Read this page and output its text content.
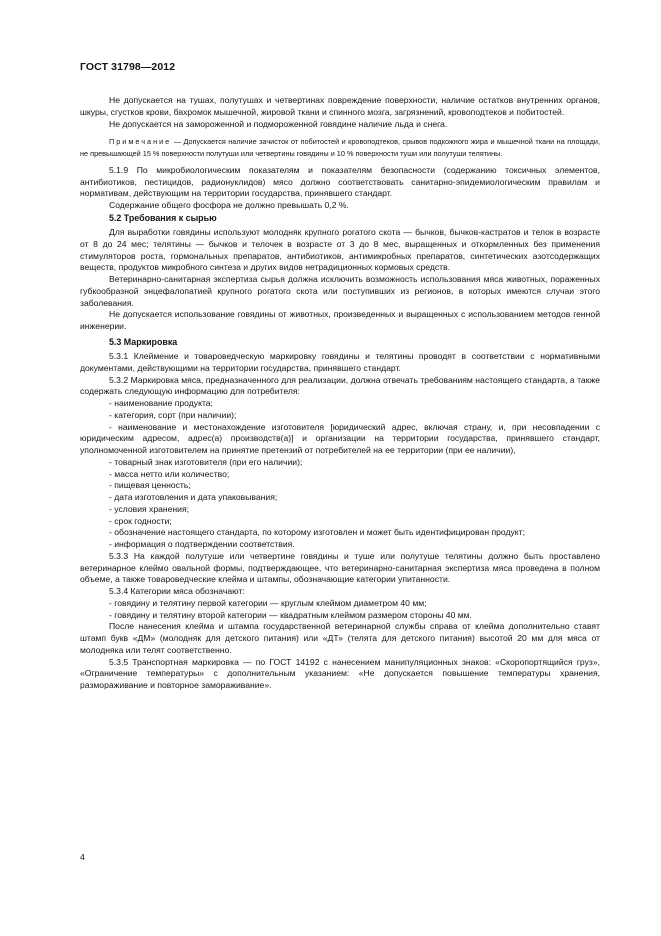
ГОСТ 31798—2012

Не допускается на тушах, полутушах и четвертинах повреждение поверхности, наличие остатков внутренних органов, шкуры, сгустков крови, бахромок мышечной, жировой ткани и спинного мозга, загрязнений, кровоподтеков и побитостей.

Не допускается на замороженной и подмороженной говядине наличие льда и снега.

Примечание — Допускается наличие зачисток от побитостей и кровоподтеков, срывов подкожного жира и мышечной ткани на площади, не превышающей 15 % поверхности полутуши или четвертины говядины и 10 % поверхности туши или полутуши телятины.

5.1.9 По микробиологическим показателям и показателям безопасности (содержанию токсичных элементов, антибиотиков, пестицидов, радионуклидов) мясо должно соответствовать санитарно-эпидемиологическим правилам и нормативам, действующим на территории государства, принявшего стандарт.

Содержание общего фосфора не должно превышать 0,2 %.

5.2 Требования к сырью

Для выработки говядины используют молодняк крупного рогатого скота — бычков, бычков-кастратов и телок в возрасте от 8 до 24 мес; телятины — бычков и телочек в возрасте от 3 до 8 мес, выращенных и откормленных без применения стимуляторов роста, гормональных препаратов, антибиотиков, антимикробных препаратов, синтетических азотсодержащих веществ, продуктов микробного синтеза и других видов нетрадиционных кормовых средств.

Ветеринарно-санитарная экспертиза сырья должна исключить возможность использования мяса животных, пораженных губкообразной энцефалопатией крупного рогатого скота или поступивших из регионов, в которых имеются случаи этого заболевания.

Не допускается использование говядины от животных, произведенных и выращенных с использованием методов генной инженерии.

5.3 Маркировка

5.3.1 Клеймение и товароведческую маркировку говядины и телятины проводят в соответствии с нормативными документами, действующими на территории государства, принявшего стандарт.

5.3.2 Маркировка мяса, предназначенного для реализации, должна отвечать требованиям настоящего стандарта, а также содержать следующую информацию для потребителя:

- наименование продукта;

- категория, сорт (при наличии);

- наименование и местонахождение изготовителя [юридический адрес, включая страну, и, при несовпадении с юридическим адресом, адрес(а) производств(а)] и организации на территории государства, принявшего стандарт, уполномоченной изготовителем на принятие претензий от потребителей на ее территории (при ее наличии),

- товарный знак изготовителя (при его наличии);

- масса нетто или количество;

- пищевая ценность;

- дата изготовления и дата упаковывания;

- условия хранения;

- срок годности;

- обозначение настоящего стандарта, по которому изготовлен и может быть идентифицирован продукт;

- информация о подтверждении соответствия.

5.3.3 На каждой полутуше или четвертине говядины и туше или полутуше телятины должно быть проставлено ветеринарное клеймо овальной формы, подтверждающее, что ветеринарно-санитарная экспертиза мяса проведена в полном объеме, а также товароведческие клейма и штампы, обозначающие категории упитанности.

5.3.4 Категории мяса обозначают:

- говядину и телятину первой категории — круглым клеймом диаметром 40 мм;

- говядину и телятину второй категории — квадратным клеймом размером стороны 40 мм.

После нанесения клейма и штампа государственной ветеринарной службы справа от клейма дополнительно ставят штамп букв «ДМ» (молодняк для детского питания) или «ДТ» (телята для детского питания) высотой 20 мм для мяса от молодняка или телят соответственно.

5.3.5 Транспортная маркировка — по ГОСТ 14192 с нанесением манипуляционных знаков: «Скоропортящийся груз», «Ограничение температуры» с дополнительным указанием: «Не допускается повышение температуры хранения, размораживание и повторное замораживание».

4
